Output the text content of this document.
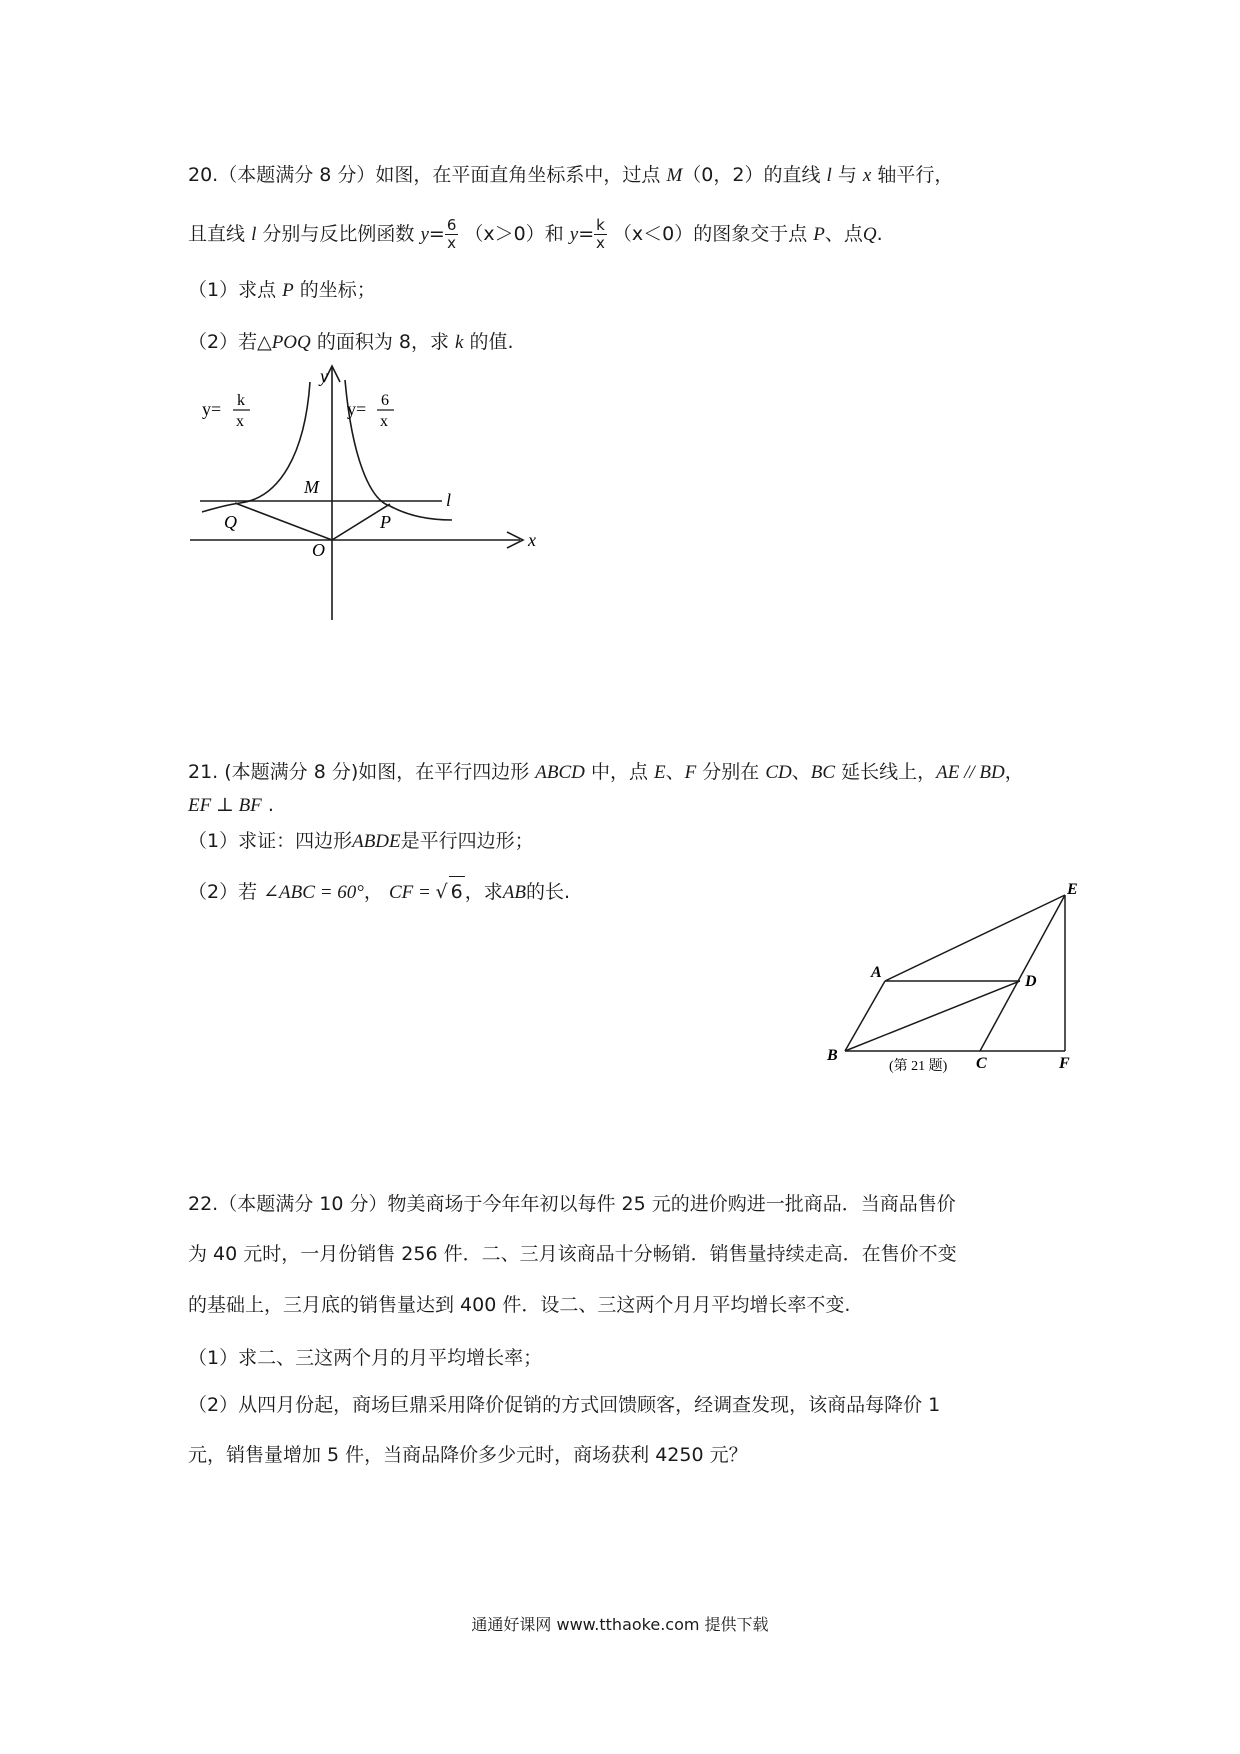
20.（本题满分 8 分）如图，在平面直角坐标系中，过点 M（0，2）的直线 l 与 x 轴平行，
且直线 l 分别与反比例函数 $y= \frac{6}{x} (x>0)$和 $y= \frac{k}{x} (x<0)$的图象交于点 P、点Q.
（1）求点 P 的坐标；
（2）若△POQ 的面积为 8，求 k 的值.
y
x
y= k
x
y= 6
x
M
l
Q	P
O
21. (本题满分 8 分)如图，在平行四边形 ABCD 中，点 E、F 分别在 CD、BC 延长线上，AE // BD，
EF ⊥ BF .
（1）求证：四边形ABDE是平行四边形；
（2）若 ∠ABC = 60°， CF = √ 6 ，求AB的长.	E
A
D
B	C	F
(第 21 题)
22.（本题满分 10 分）物美商场于今年年初以每件 25 元的进价购进一批商品．当商品售价
为 40 元时，一月份销售 256 件．二、三月该商品十分畅销．销售量持续走高．在售价不变
的基础上，三月底的销售量达到 400 件．设二、三这两个月月平均增长率不变.
（1）求二、三这两个月的月平均增长率；
（2）从四月份起，商场巨鼎采用降价促销的方式回馈顾客，经调查发现，该商品每降价 1
元，销售量增加 5 件，当商品降价多少元时，商场获利 4250 元？
通通好课网 www.tthaoke.com 提供下载
